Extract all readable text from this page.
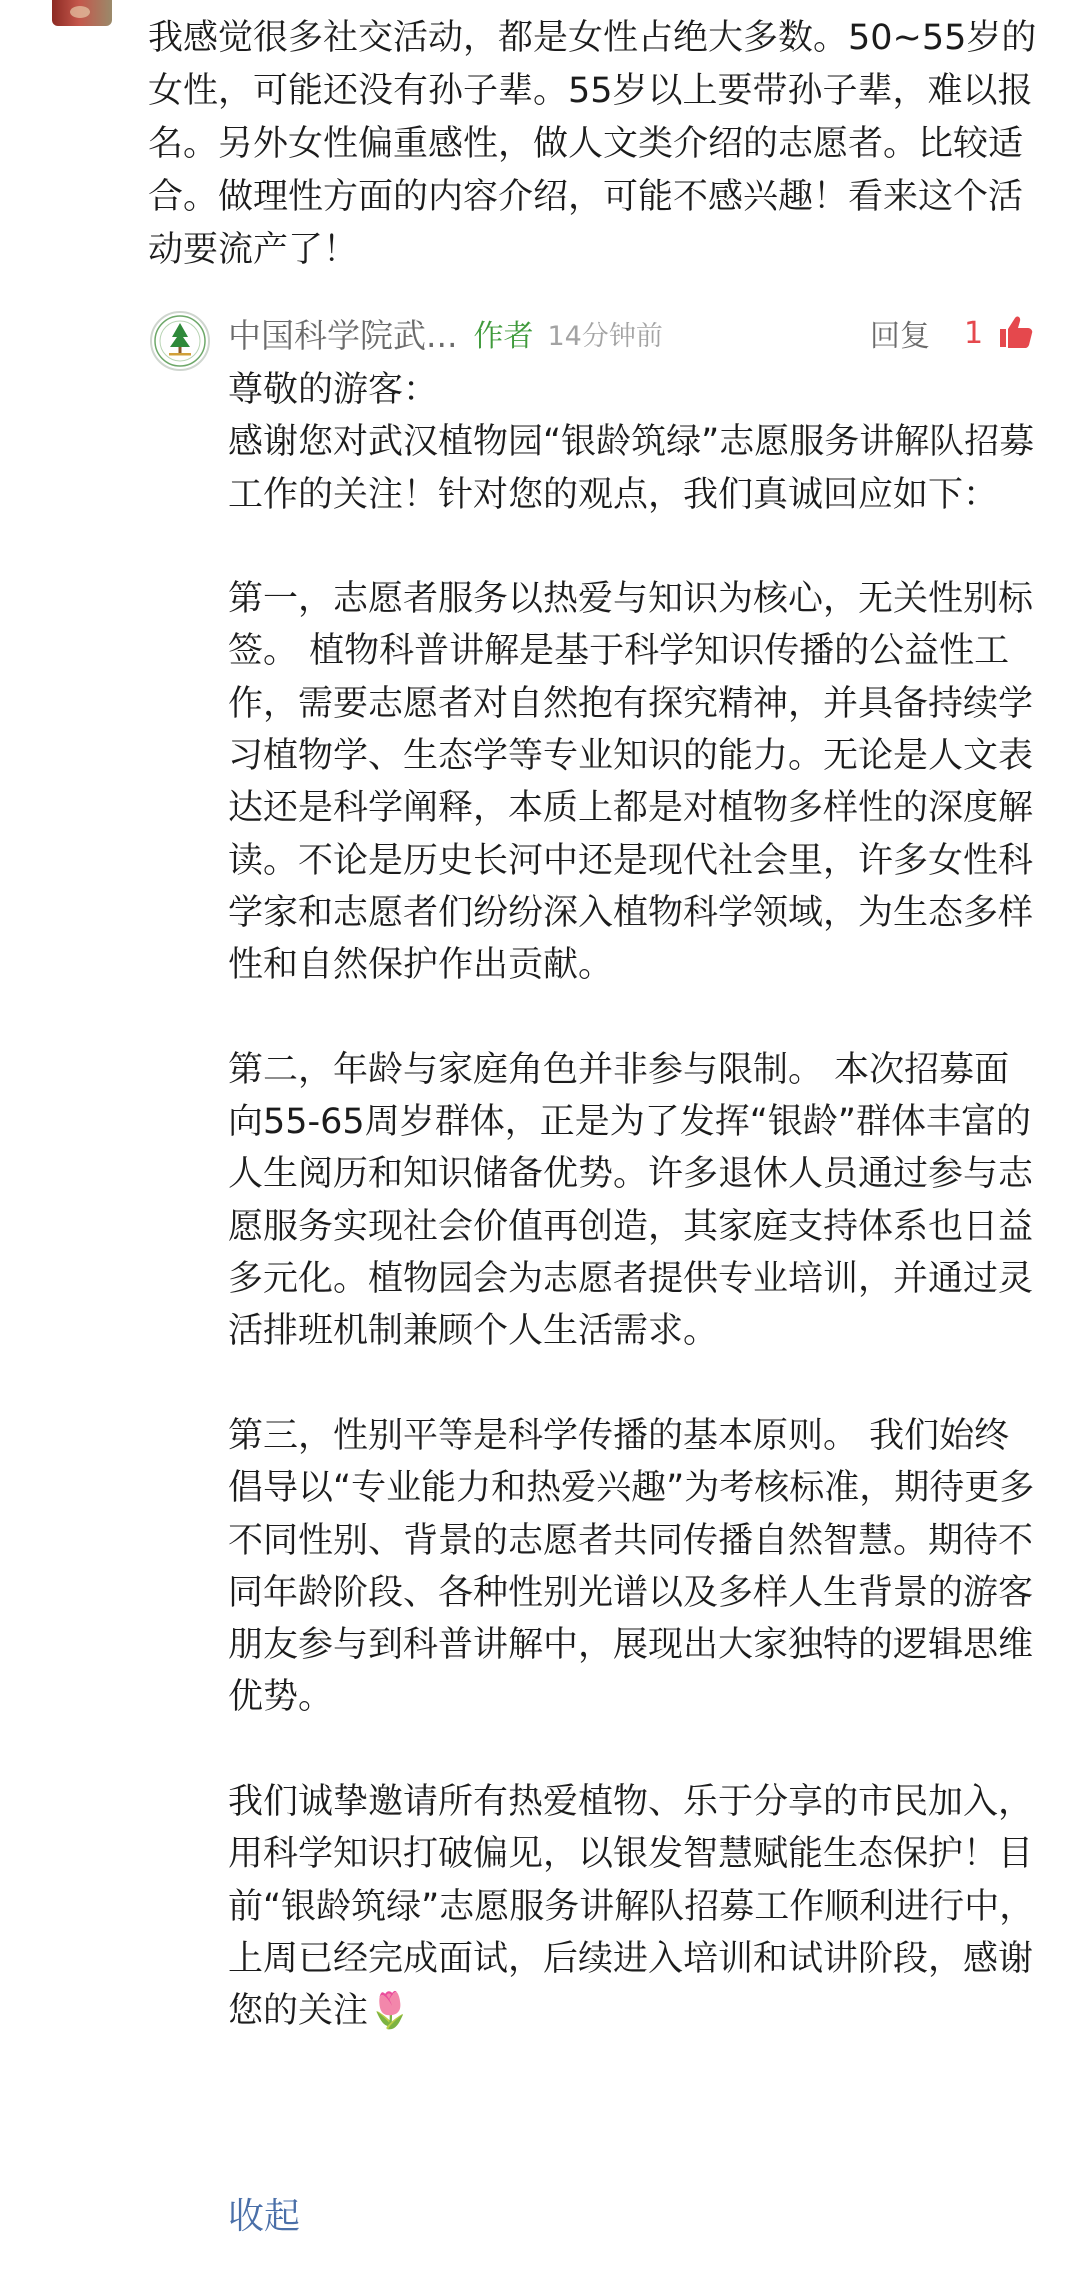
我感觉很多社交活动，都是女性占绝大多数。50~55岁的女性，可能还没有孙子辈。55岁以上要带孙子辈，难以报名。另外女性偏重感性，做人文类介绍的志愿者。比较适合。做理性方面的内容介绍，可能不感兴趣！看来这个活动要流产了！

中国科学院武... 作者 14分钟前	回复 1

尊敬的游客：
感谢您对武汉植物园“银龄筑绿”志愿服务讲解队招募工作的关注！针对您的观点，我们真诚回应如下：

第一，志愿者服务以热爱与知识为核心，无关性别标签。 植物科普讲解是基于科学知识传播的公益性工作，需要志愿者对自然抱有探究精神，并具备持续学习植物学、生态学等专业知识的能力。无论是人文表达还是科学阐释，本质上都是对植物多样性的深度解读。不论是历史长河中还是现代社会里，许多女性科学家和志愿者们纷纷深入植物科学领域，为生态多样性和自然保护作出贡献。

第二，年龄与家庭角色并非参与限制。 本次招募面向55-65周岁群体，正是为了发挥“银龄”群体丰富的人生阅历和知识储备优势。许多退休人员通过参与志愿服务实现社会价值再创造，其家庭支持体系也日益多元化。植物园会为志愿者提供专业培训，并通过灵活排班机制兼顾个人生活需求。

第三，性别平等是科学传播的基本原则。 我们始终倡导以“专业能力和热爱兴趣”为考核标准，期待更多不同性别、背景的志愿者共同传播自然智慧。期待不同年龄阶段、各种性别光谱以及多样人生背景的游客朋友参与到科普讲解中，展现出大家独特的逻辑思维优势。

我们诚挚邀请所有热爱植物、乐于分享的市民加入，用科学知识打破偏见，以银发智慧赋能生态保护！目前“银龄筑绿”志愿服务讲解队招募工作顺利进行中，上周已经完成面试，后续进入培训和试讲阶段，感谢您的关注🌷

收起
